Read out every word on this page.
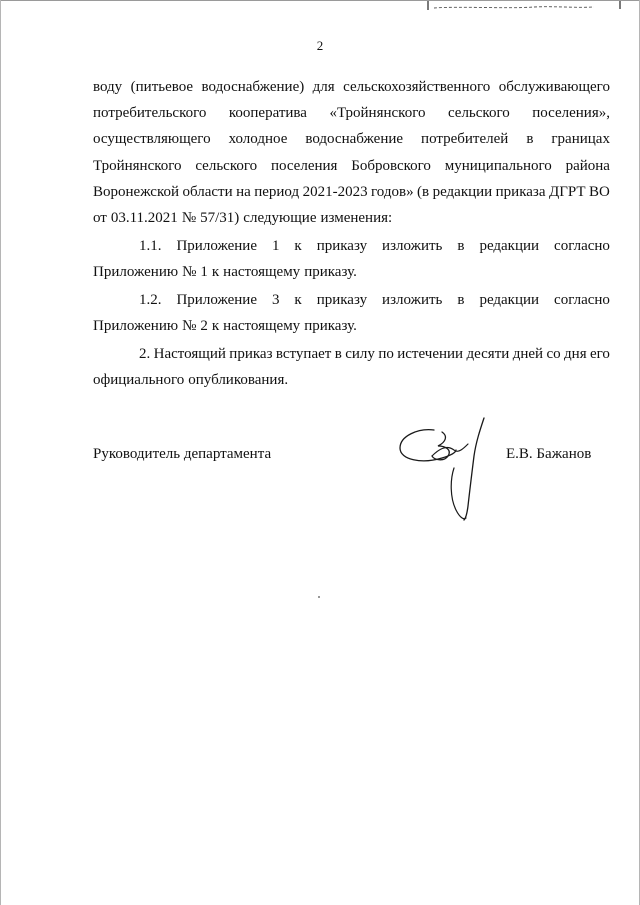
2
воду (питьевое водоснабжение) для сельскохозяйственного обслуживающего
потребительского кооператива «Тройнянского сельского поселения»,
осуществляющего холодное водоснабжение потребителей в границах
Тройнянского сельского поселения Бобровского муниципального района
Воронежской области на период 2021-2023 годов» (в редакции приказа ДГРТ ВО
от 03.11.2021 № 57/31) следующие изменения:
1.1. Приложение 1 к приказу изложить в редакции согласно
Приложению № 1 к настоящему приказу.
1.2. Приложение 3 к приказу изложить в редакции согласно
Приложению № 2 к настоящему приказу.
2. Настоящий приказ вступает в силу по истечении десяти дней со дня его
официального опубликования.
Руководитель департамента	Е.В. Бажанов
